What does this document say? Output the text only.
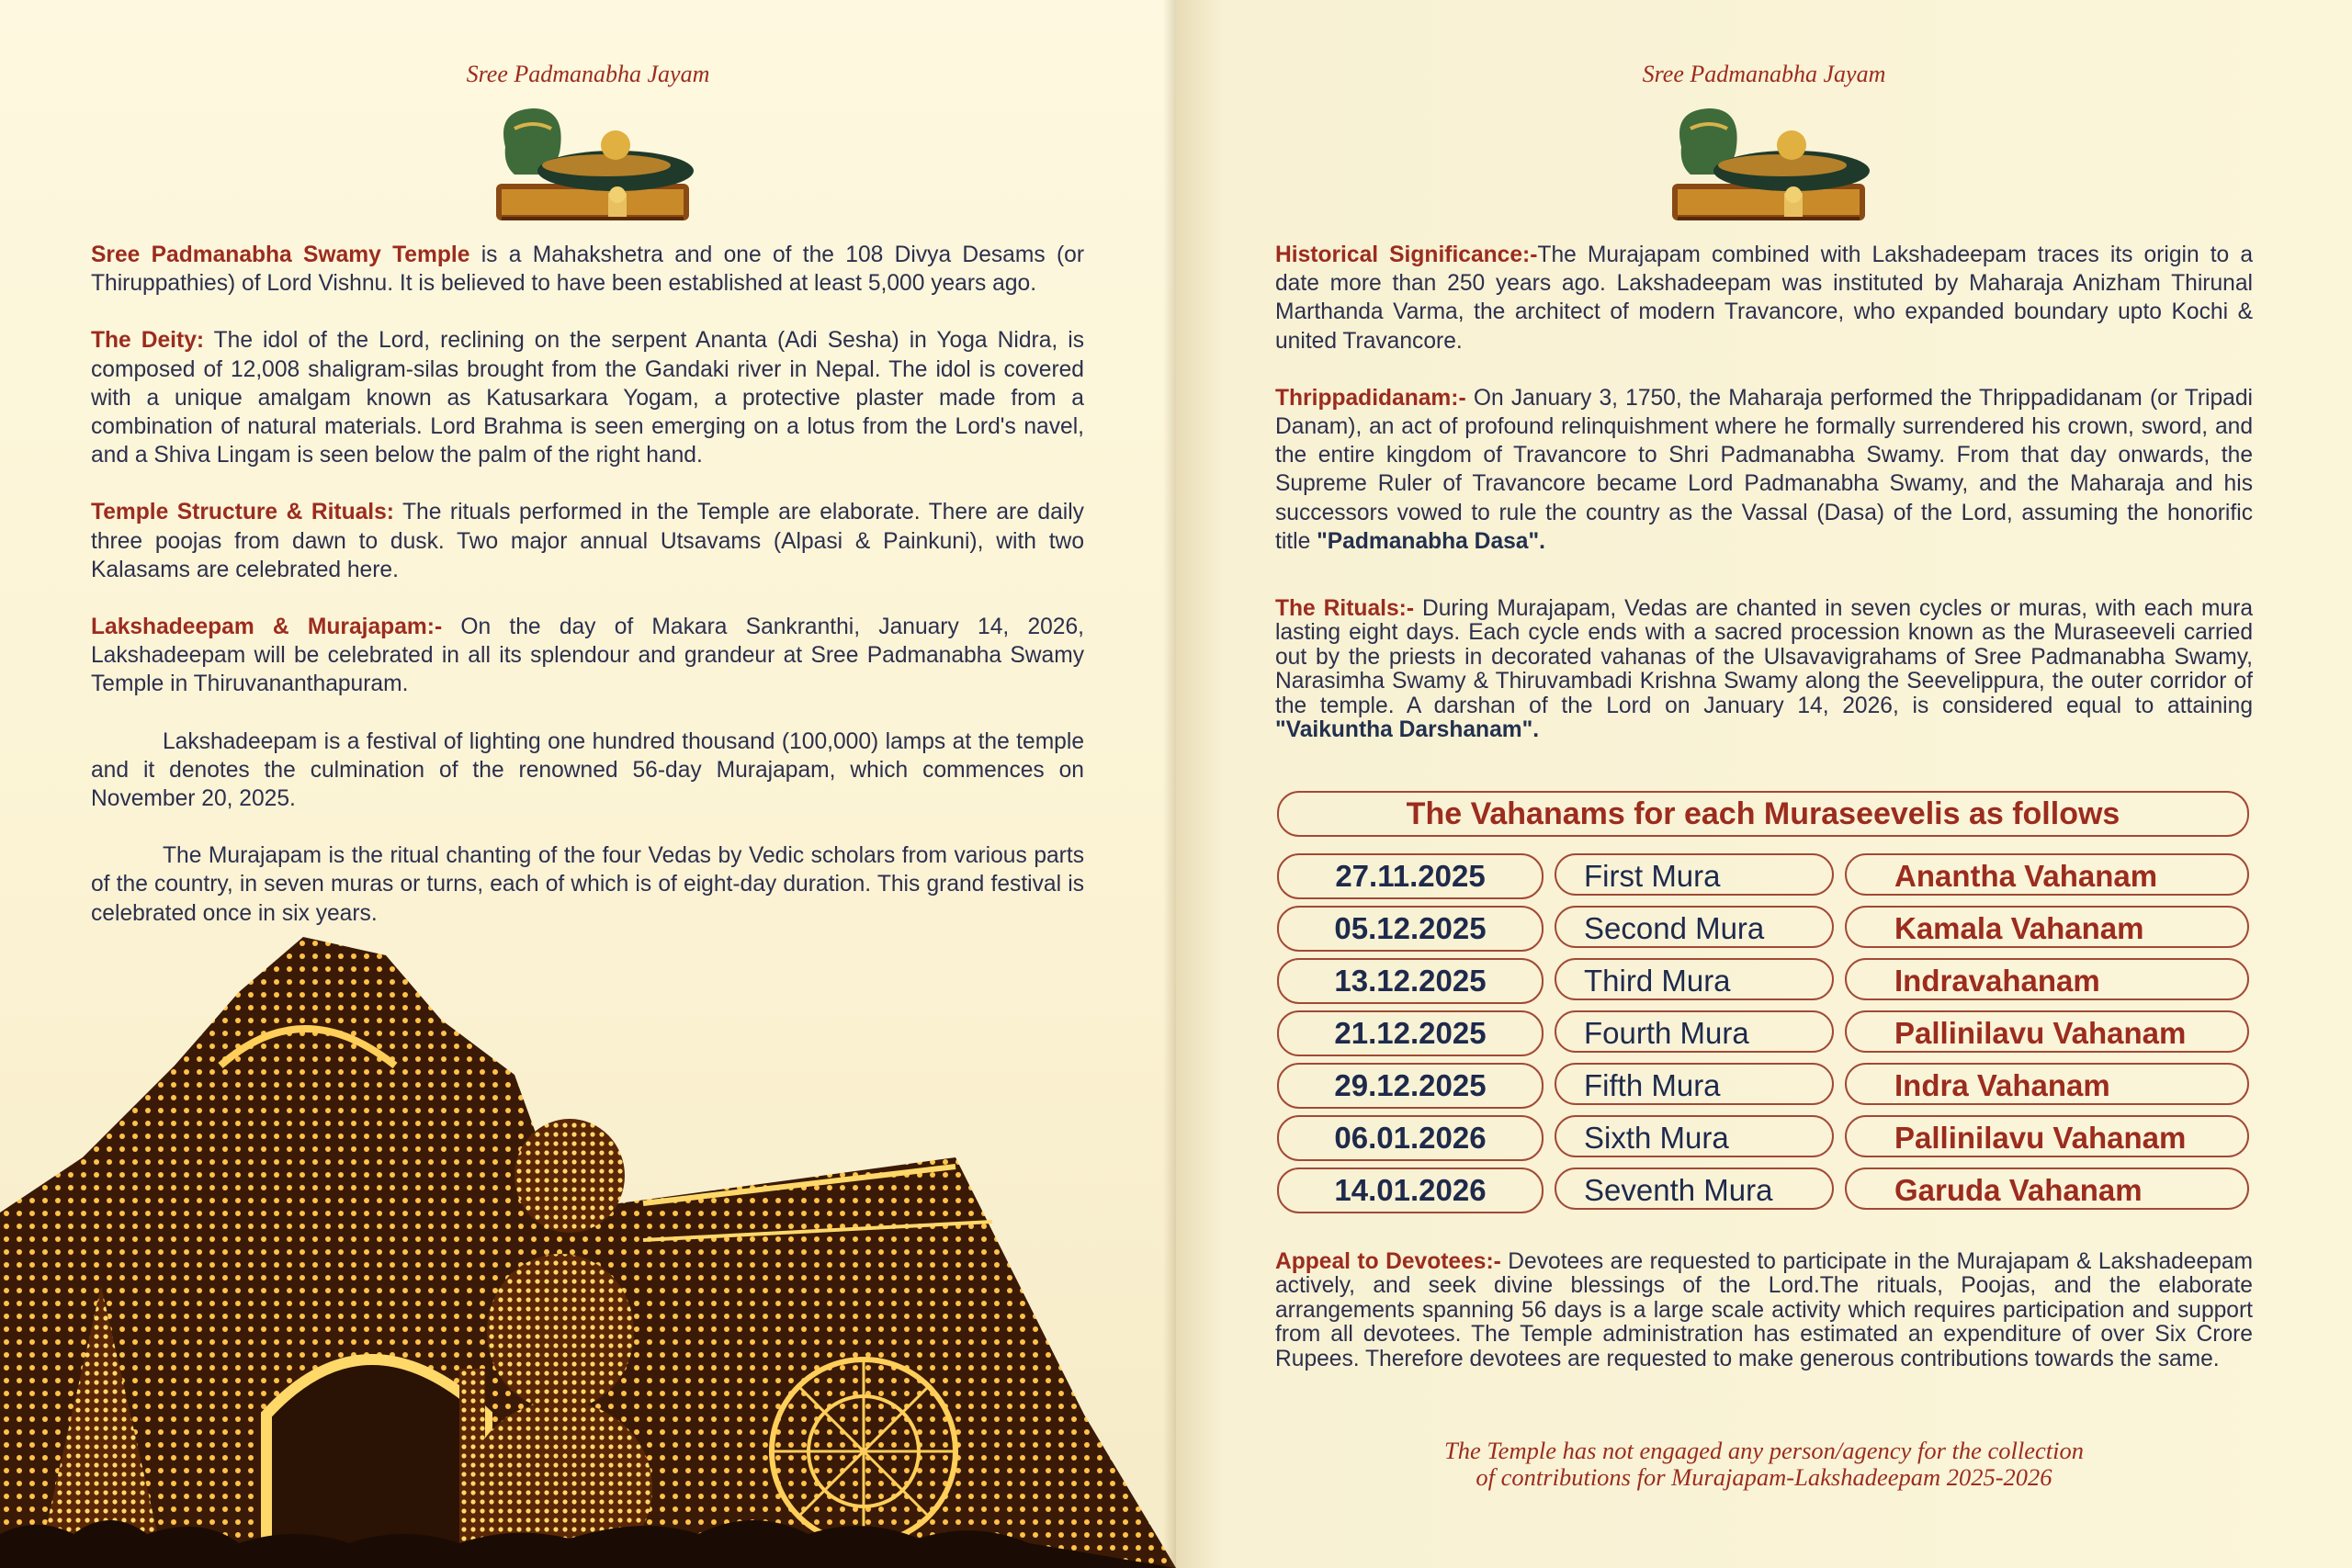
Sree Padmanabha Jayam

Sree Padmanabha Swamy Temple is a Mahakshetra and one of the 108 Divya Desams (or Thiruppathies) of Lord Vishnu. It is believed to have been established at least 5,000 years ago.

The Deity: The idol of the Lord, reclining on the serpent Ananta (Adi Sesha) in Yoga Nidra, is composed of 12,008 shaligram-silas brought from the Gandaki river in Nepal. The idol is covered with a unique amalgam known as Katusarkara Yogam, a protective plaster made from a combination of natural materials. Lord Brahma is seen emerging on a lotus from the Lord's navel, and a Shiva Lingam is seen below the palm of the right hand.

Temple Structure & Rituals: The rituals performed in the Temple are elaborate. There are daily three poojas from dawn to dusk. Two major annual Utsavams (Alpasi & Painkuni), with two Kalasams are celebrated here.

Lakshadeepam & Murajapam:- On the day of Makara Sankranthi, January 14, 2026, Lakshadeepam will be celebrated in all its splendour and grandeur at Sree Padmanabha Swamy Temple in Thiruvananthapuram.

Lakshadeepam is a festival of lighting one hundred thousand (100,000) lamps at the temple and it denotes the culmination of the renowned 56-day Murajapam, which commences on November 20, 2025.

The Murajapam is the ritual chanting of the four Vedas by Vedic scholars from various parts of the country, in seven muras or turns, each of which is of eight-day duration. This grand festival is celebrated once in six years.

Sree Padmanabha Jayam

Historical Significance:-The Murajapam combined with Lakshadeepam traces its origin to a date more than 250 years ago. Lakshadeepam was instituted by Maharaja Anizham Thirunal Marthanda Varma, the architect of modern Travancore, who expanded boundary upto Kochi & united Travancore.

Thrippadidanam:- On January 3, 1750, the Maharaja performed the Thrippadidanam (or Tripadi Danam), an act of profound relinquishment where he formally surrendered his crown, sword, and the entire kingdom of Travancore to Shri Padmanabha Swamy. From that day onwards, the Supreme Ruler of Travancore became Lord Padmanabha Swamy, and the Maharaja and his successors vowed to rule the country as the Vassal (Dasa) of the Lord, assuming the honorific title "Padmanabha Dasa".

The Rituals:- During Murajapam, Vedas are chanted in seven cycles or muras, with each mura lasting eight days. Each cycle ends with a sacred procession known as the Muraseeveli carried out by the priests in decorated vahanas of the Ulsavavigrahams of Sree Padmanabha Swamy, Narasimha Swamy & Thiruvambadi Krishna Swamy along the Seevelippura, the outer corridor of the temple. A darshan of the Lord on January 14, 2026, is considered equal to attaining "Vaikuntha Darshanam".
The Vahanams for each Muraseevelis as follows
27.11.2025	First Mura	Anantha Vahanam
05.12.2025	Second Mura	Kamala Vahanam
13.12.2025	Third Mura	Indravahanam
21.12.2025	Fourth Mura	Pallinilavu Vahanam
29.12.2025	Fifth Mura	Indra Vahanam
06.01.2026	Sixth Mura	Pallinilavu Vahanam
14.01.2026	Seventh Mura	Garuda Vahanam
Appeal to Devotees:- Devotees are requested to participate in the Murajapam & Lakshadeepam actively, and seek divine blessings of the Lord.The rituals, Poojas, and the elaborate arrangements spanning 56 days is a large scale activity which requires participation and support from all devotees. The Temple administration has estimated an expenditure of over Six Crore Rupees. Therefore devotees are requested to make generous contributions towards the same.
The Temple has not engaged any person/agency for the collection
of contributions for Murajapam-Lakshadeepam 2025-2026
